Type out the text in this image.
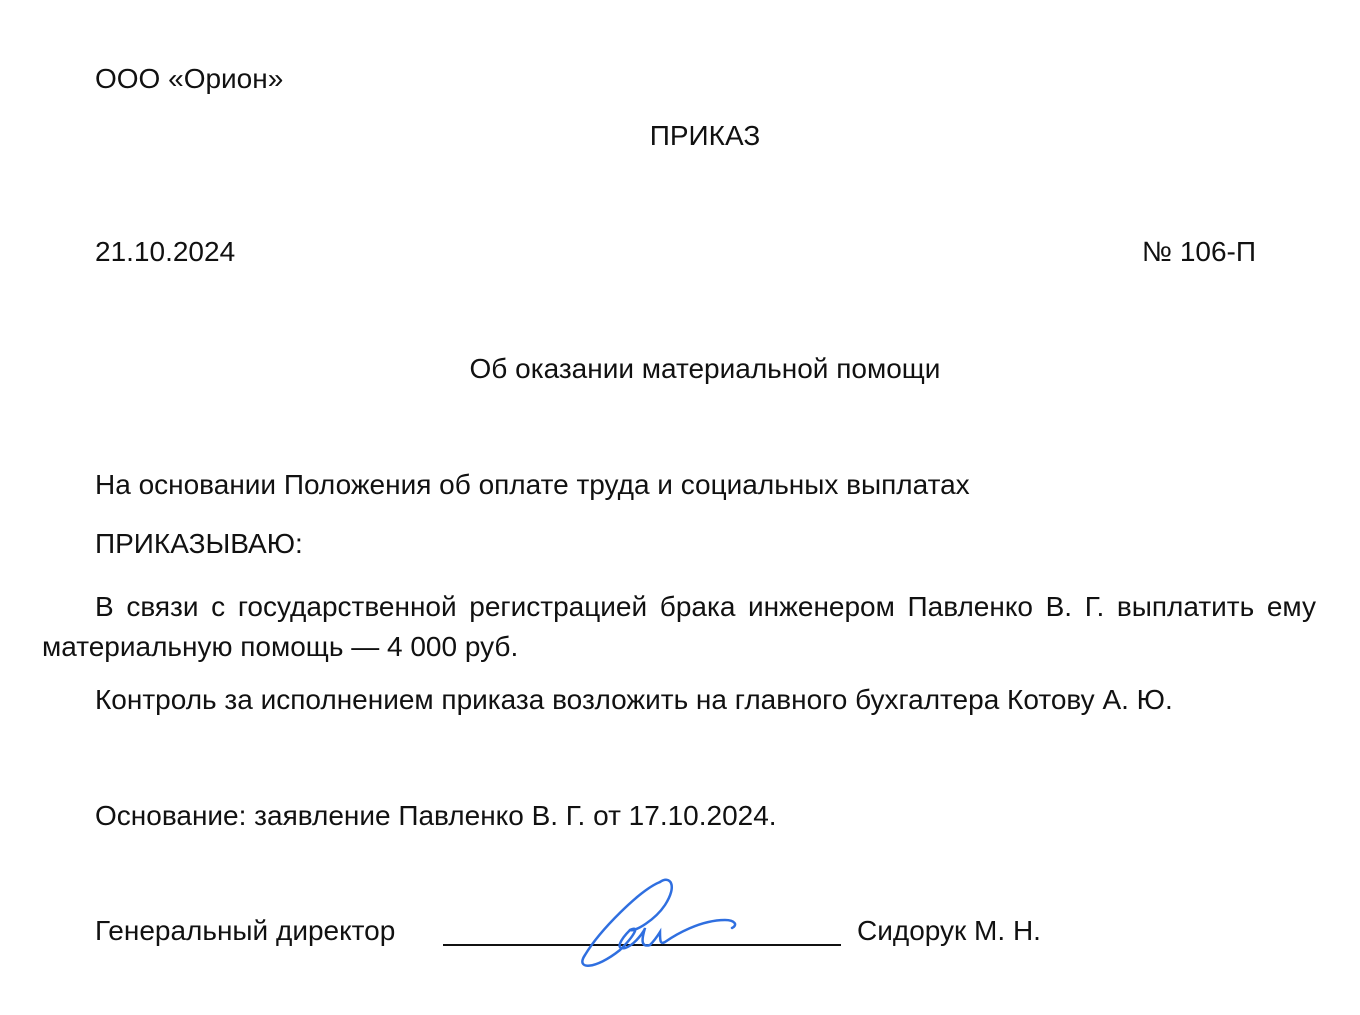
ООО «Орион»
ПРИКАЗ
21.10.2024	№ 106-П
Об оказании материальной помощи
На основании Положения об оплате труда и социальных выплатах
ПРИКАЗЫВАЮ:
В связи с государственной регистрацией брака инженером Павленко В. Г. выплатить ему материальную помощь — 4 000 руб.
Контроль за исполнением приказа возложить на главного бухгалтера Котову А. Ю.
Основание: заявление Павленко В. Г. от 17.10.2024.
Генеральный директор	Сидорук М. Н.
